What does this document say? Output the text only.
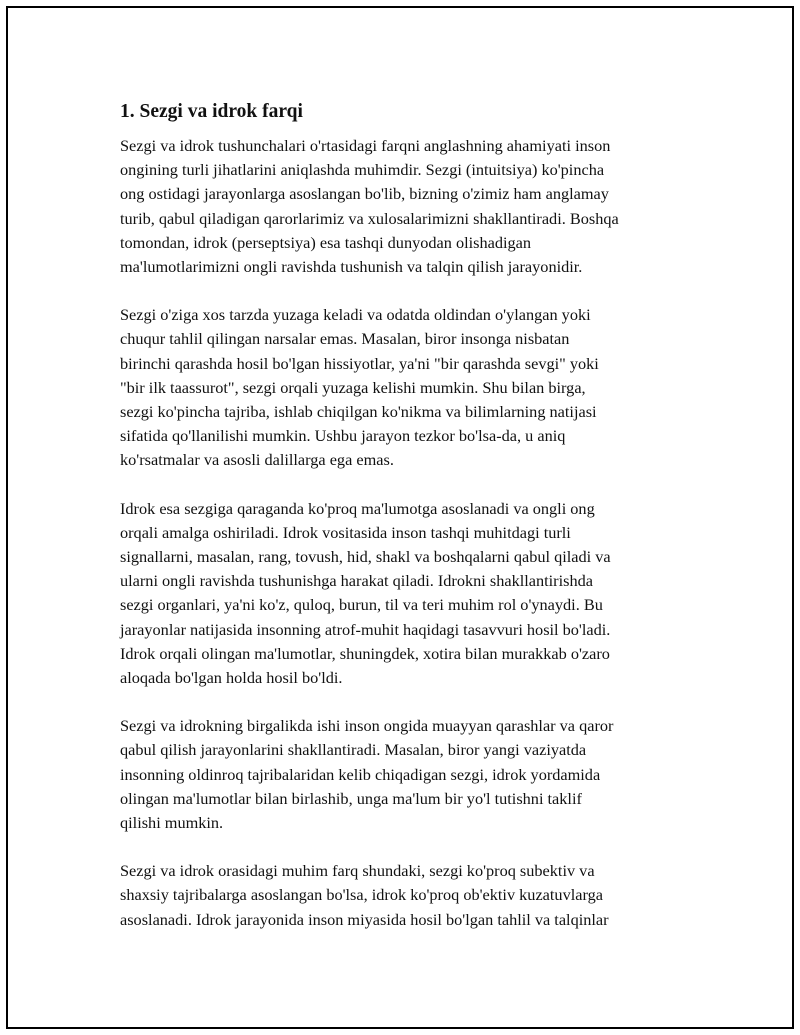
1. Sezgi va idrok farqi

Sezgi va idrok tushunchalari o'rtasidagi farqni anglashning ahamiyati inson
ongining turli jihatlarini aniqlashda muhimdir. Sezgi (intuitsiya) ko'pincha
ong ostidagi jarayonlarga asoslangan bo'lib, bizning o'zimiz ham anglamay
turib, qabul qiladigan qarorlarimiz va xulosalarimizni shakllantiradi. Boshqa
tomondan, idrok (perseptsiya) esa tashqi dunyodan olishadigan
ma'lumotlarimizni ongli ravishda tushunish va talqin qilish jarayonidir.

Sezgi o'ziga xos tarzda yuzaga keladi va odatda oldindan o'ylangan yoki
chuqur tahlil qilingan narsalar emas. Masalan, biror insonga nisbatan
birinchi qarashda hosil bo'lgan hissiyotlar, ya'ni "bir qarashda sevgi" yoki
"bir ilk taassurot", sezgi orqali yuzaga kelishi mumkin. Shu bilan birga,
sezgi ko'pincha tajriba, ishlab chiqilgan ko'nikma va bilimlarning natijasi
sifatida qo'llanilishi mumkin. Ushbu jarayon tezkor bo'lsa-da, u aniq
ko'rsatmalar va asosli dalillarga ega emas.

Idrok esa sezgiga qaraganda ko'proq ma'lumotga asoslanadi va ongli ong
orqali amalga oshiriladi. Idrok vositasida inson tashqi muhitdagi turli
signallarni, masalan, rang, tovush, hid, shakl va boshqalarni qabul qiladi va
ularni ongli ravishda tushunishga harakat qiladi. Idrokni shakllantirishda
sezgi organlari, ya'ni ko'z, quloq, burun, til va teri muhim rol o'ynaydi. Bu
jarayonlar natijasida insonning atrof-muhit haqidagi tasavvuri hosil bo'ladi.
Idrok orqali olingan ma'lumotlar, shuningdek, xotira bilan murakkab o'zaro
aloqada bo'lgan holda hosil bo'ldi.

Sezgi va idrokning birgalikda ishi inson ongida muayyan qarashlar va qaror
qabul qilish jarayonlarini shakllantiradi. Masalan, biror yangi vaziyatda
insonning oldinroq tajribalaridan kelib chiqadigan sezgi, idrok yordamida
olingan ma'lumotlar bilan birlashib, unga ma'lum bir yo'l tutishni taklif
qilishi mumkin.

Sezgi va idrok orasidagi muhim farq shundaki, sezgi ko'proq subektiv va
shaxsiy tajribalarga asoslangan bo'lsa, idrok ko'proq ob'ektiv kuzatuvlarga
asoslanadi. Idrok jarayonida inson miyasida hosil bo'lgan tahlil va talqinlar
